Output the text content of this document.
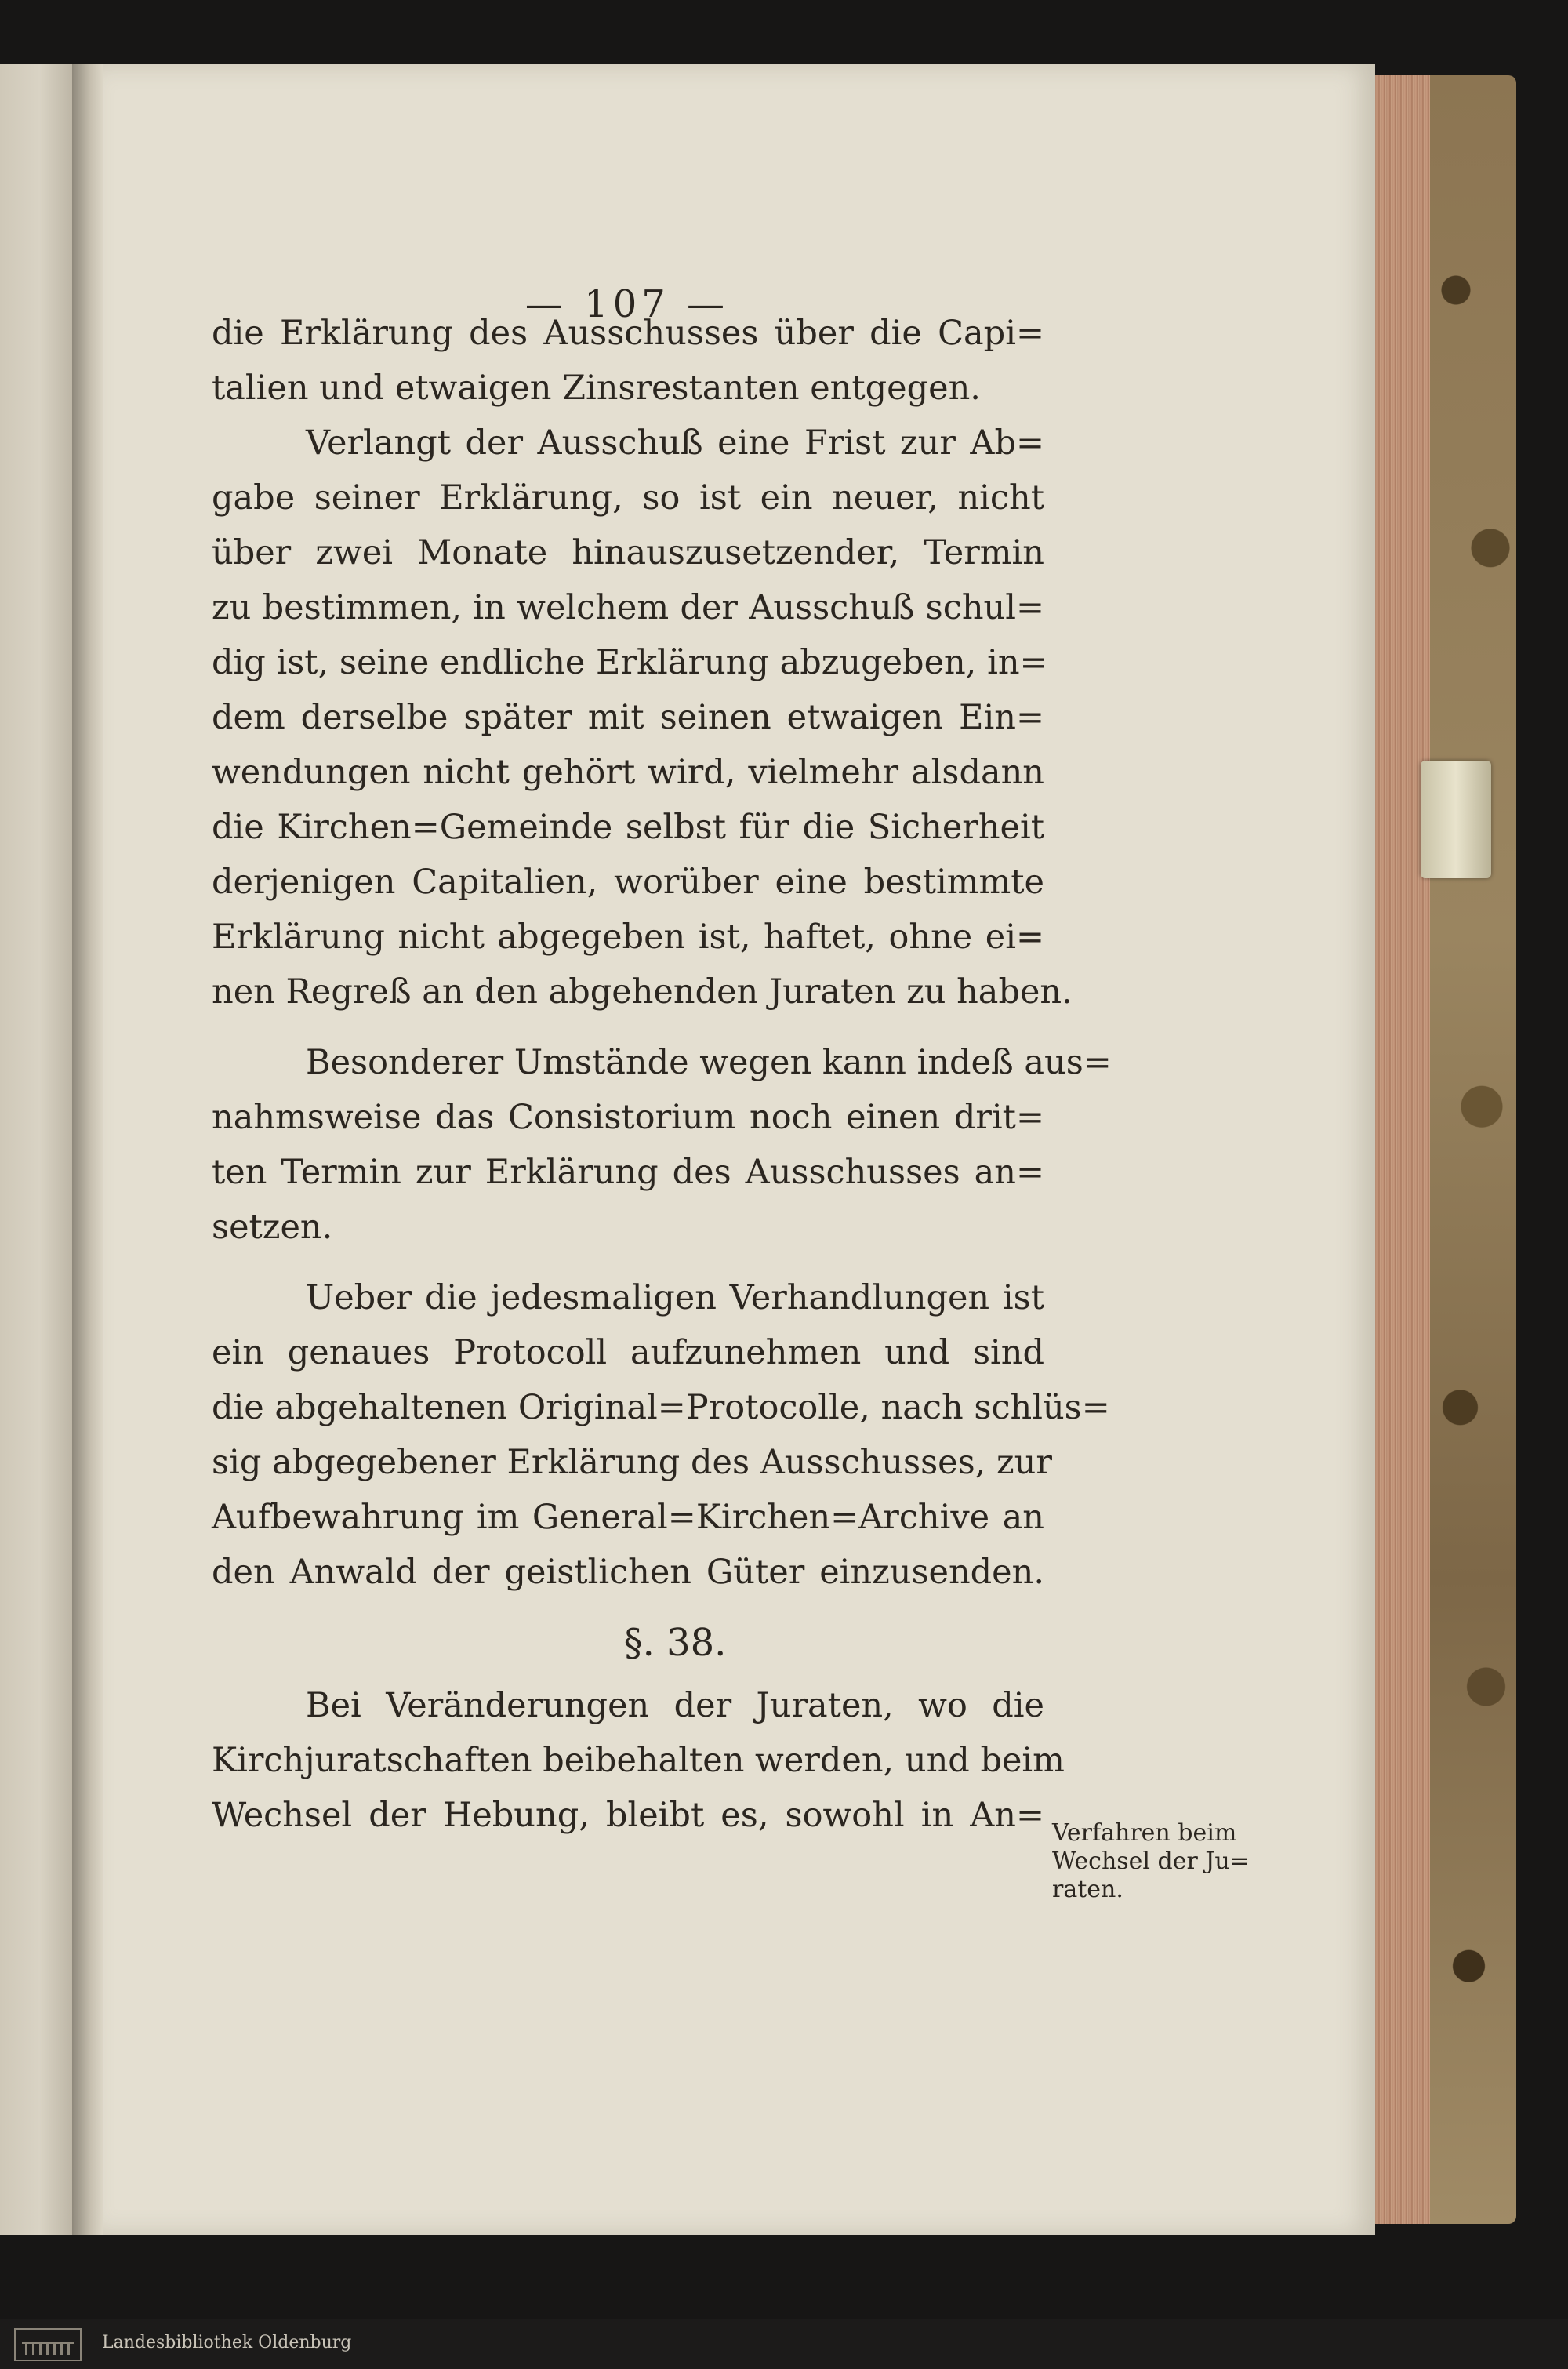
— 107 —
die Erklärung des Ausschusses über die Capi=
talien und etwaigen Zinsrestanten entgegen.
Verlangt der Ausschuß eine Frist zur Ab=
gabe seiner Erklärung, so ist ein neuer, nicht
über zwei Monate hinauszusetzender, Termin
zu bestimmen, in welchem der Ausschuß schul=
dig ist, seine endliche Erklärung abzugeben, in=
dem derselbe später mit seinen etwaigen Ein=
wendungen nicht gehört wird, vielmehr alsdann
die Kirchen=Gemeinde selbst für die Sicherheit
derjenigen Capitalien, worüber eine bestimmte
Erklärung nicht abgegeben ist, haftet, ohne ei=
nen Regreß an den abgehenden Juraten zu haben.
Besonderer Umstände wegen kann indeß aus=
nahmsweise das Consistorium noch einen drit=
ten Termin zur Erklärung des Ausschusses an=
setzen.
Ueber die jedesmaligen Verhandlungen ist
ein genaues Protocoll aufzunehmen und sind
die abgehaltenen Original=Protocolle, nach schlüs=
sig abgegebener Erklärung des Ausschusses, zur
Aufbewahrung im General=Kirchen=Archive an
den Anwald der geistlichen Güter einzusenden.
§. 38.
Bei Veränderungen der Juraten, wo die
Kirchjuratschaften beibehalten werden, und beim
Wechsel der Hebung, bleibt es, sowohl in An= Verfahren beim
Wechsel der Ju=
raten.
Landesbibliothek Oldenburg
